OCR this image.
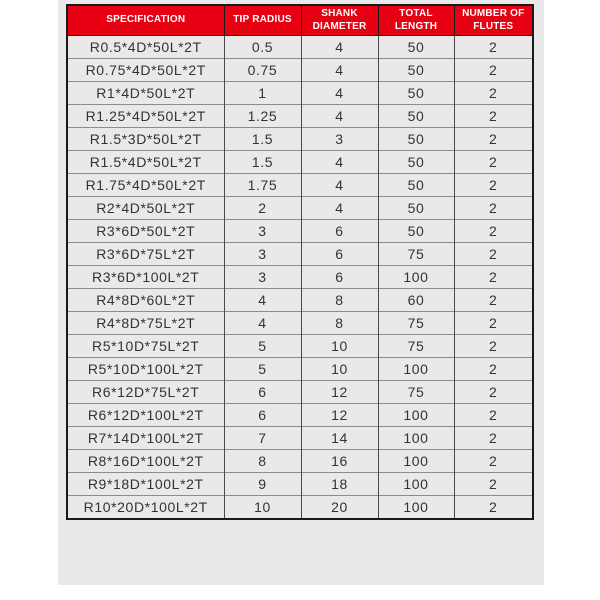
SPECIFICATION	TIP RADIUS	SHANK DIAMETER	TOTAL LENGTH	NUMBER OF FLUTES
R0.5*4D*50L*2T	0.5	4	50	2
R0.75*4D*50L*2T	0.75	4	50	2
R1*4D*50L*2T	1	4	50	2
R1.25*4D*50L*2T	1.25	4	50	2
R1.5*3D*50L*2T	1.5	3	50	2
R1.5*4D*50L*2T	1.5	4	50	2
R1.75*4D*50L*2T	1.75	4	50	2
R2*4D*50L*2T	2	4	50	2
R3*6D*50L*2T	3	6	50	2
R3*6D*75L*2T	3	6	75	2
R3*6D*100L*2T	3	6	100	2
R4*8D*60L*2T	4	8	60	2
R4*8D*75L*2T	4	8	75	2
R5*10D*75L*2T	5	10	75	2
R5*10D*100L*2T	5	10	100	2
R6*12D*75L*2T	6	12	75	2
R6*12D*100L*2T	6	12	100	2
R7*14D*100L*2T	7	14	100	2
R8*16D*100L*2T	8	16	100	2
R9*18D*100L*2T	9	18	100	2
R10*20D*100L*2T	10	20	100	2
